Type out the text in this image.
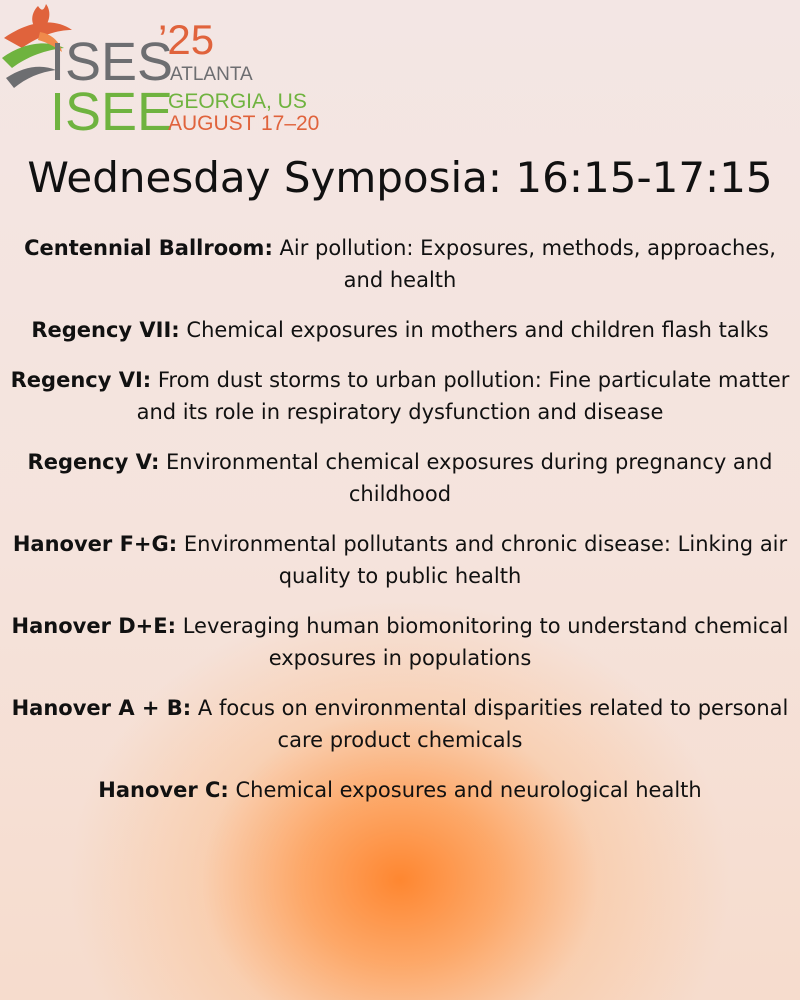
ISES
’25
ATLANTA
ISEE
GEORGIA, US
AUGUST 17–20
Wednesday Symposia: 16:15-17:15

Centennial Ballroom: Air pollution: Exposures, methods, approaches, and health

Regency VII: Chemical exposures in mothers and children flash talks

Regency VI: From dust storms to urban pollution: Fine particulate matter and its role in respiratory dysfunction and disease

Regency V: Environmental chemical exposures during pregnancy and childhood

Hanover F+G: Environmental pollutants and chronic disease: Linking air quality to public health

Hanover D+E: Leveraging human biomonitoring to understand chemical exposures in populations

Hanover A + B: A focus on environmental disparities related to personal care product chemicals

Hanover C: Chemical exposures and neurological health
